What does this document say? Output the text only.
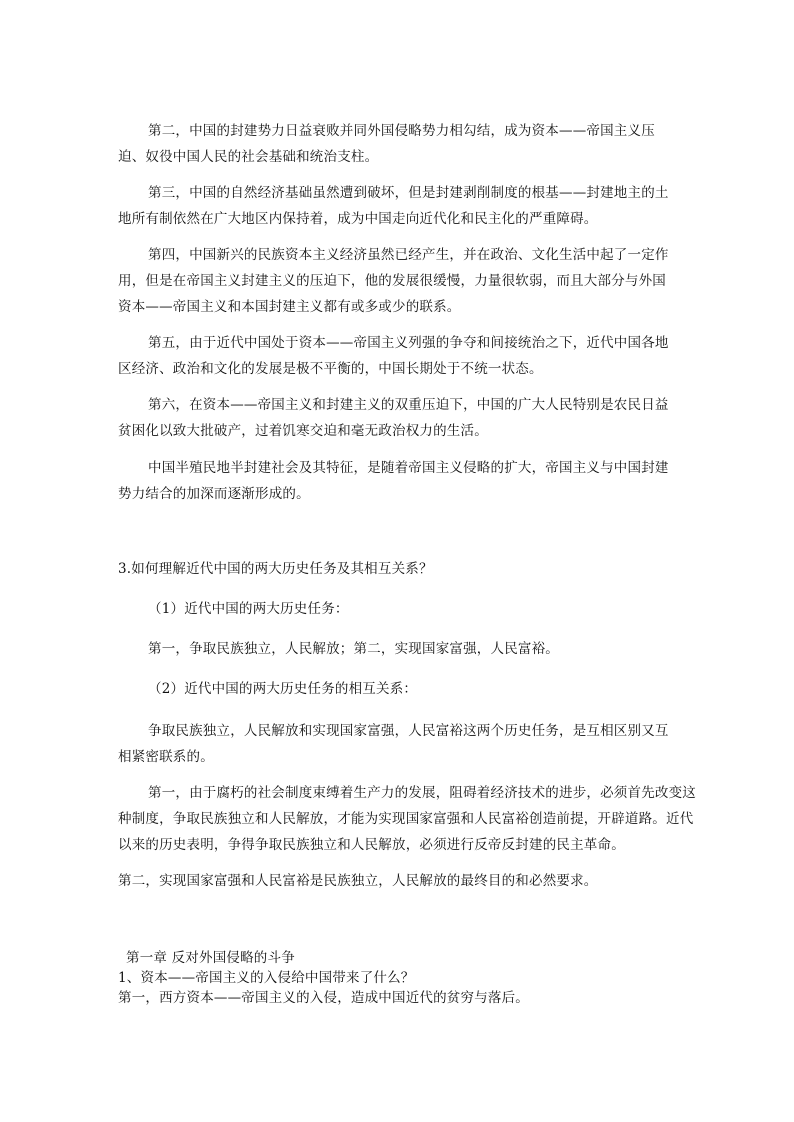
第二，中国的封建势力日益衰败并同外国侵略势力相勾结，成为资本——帝国主义压迫、奴役中国人民的社会基础和统治支柱。

第三，中国的自然经济基础虽然遭到破坏，但是封建剥削制度的根基——封建地主的土地所有制依然在广大地区内保持着，成为中国走向近代化和民主化的严重障碍。

第四，中国新兴的民族资本主义经济虽然已经产生，并在政治、文化生活中起了一定作用，但是在帝国主义封建主义的压迫下，他的发展很缓慢，力量很软弱，而且大部分与外国资本——帝国主义和本国封建主义都有或多或少的联系。

第五，由于近代中国处于资本——帝国主义列强的争夺和间接统治之下，近代中国各地区经济、政治和文化的发展是极不平衡的，中国长期处于不统一状态。

第六，在资本——帝国主义和封建主义的双重压迫下，中国的广大人民特别是农民日益贫困化以致大批破产，过着饥寒交迫和毫无政治权力的生活。

中国半殖民地半封建社会及其特征，是随着帝国主义侵略的扩大，帝国主义与中国封建势力结合的加深而逐渐形成的。

3.如何理解近代中国的两大历史任务及其相互关系？

（1）近代中国的两大历史任务：

第一，争取民族独立，人民解放；第二，实现国家富强，人民富裕。

（2）近代中国的两大历史任务的相互关系：

争取民族独立，人民解放和实现国家富强，人民富裕这两个历史任务，是互相区别又互相紧密联系的。

第一，由于腐朽的社会制度束缚着生产力的发展，阻碍着经济技术的进步，必须首先改变这种制度，争取民族独立和人民解放，才能为实现国家富强和人民富裕创造前提，开辟道路。近代以来的历史表明，争得争取民族独立和人民解放，必须进行反帝反封建的民主革命。

第二，实现国家富强和人民富裕是民族独立，人民解放的最终目的和必然要求。

第一章 反对外国侵略的斗争

1、资本——帝国主义的入侵给中国带来了什么？

第一，西方资本——帝国主义的入侵，造成中国近代的贫穷与落后。
